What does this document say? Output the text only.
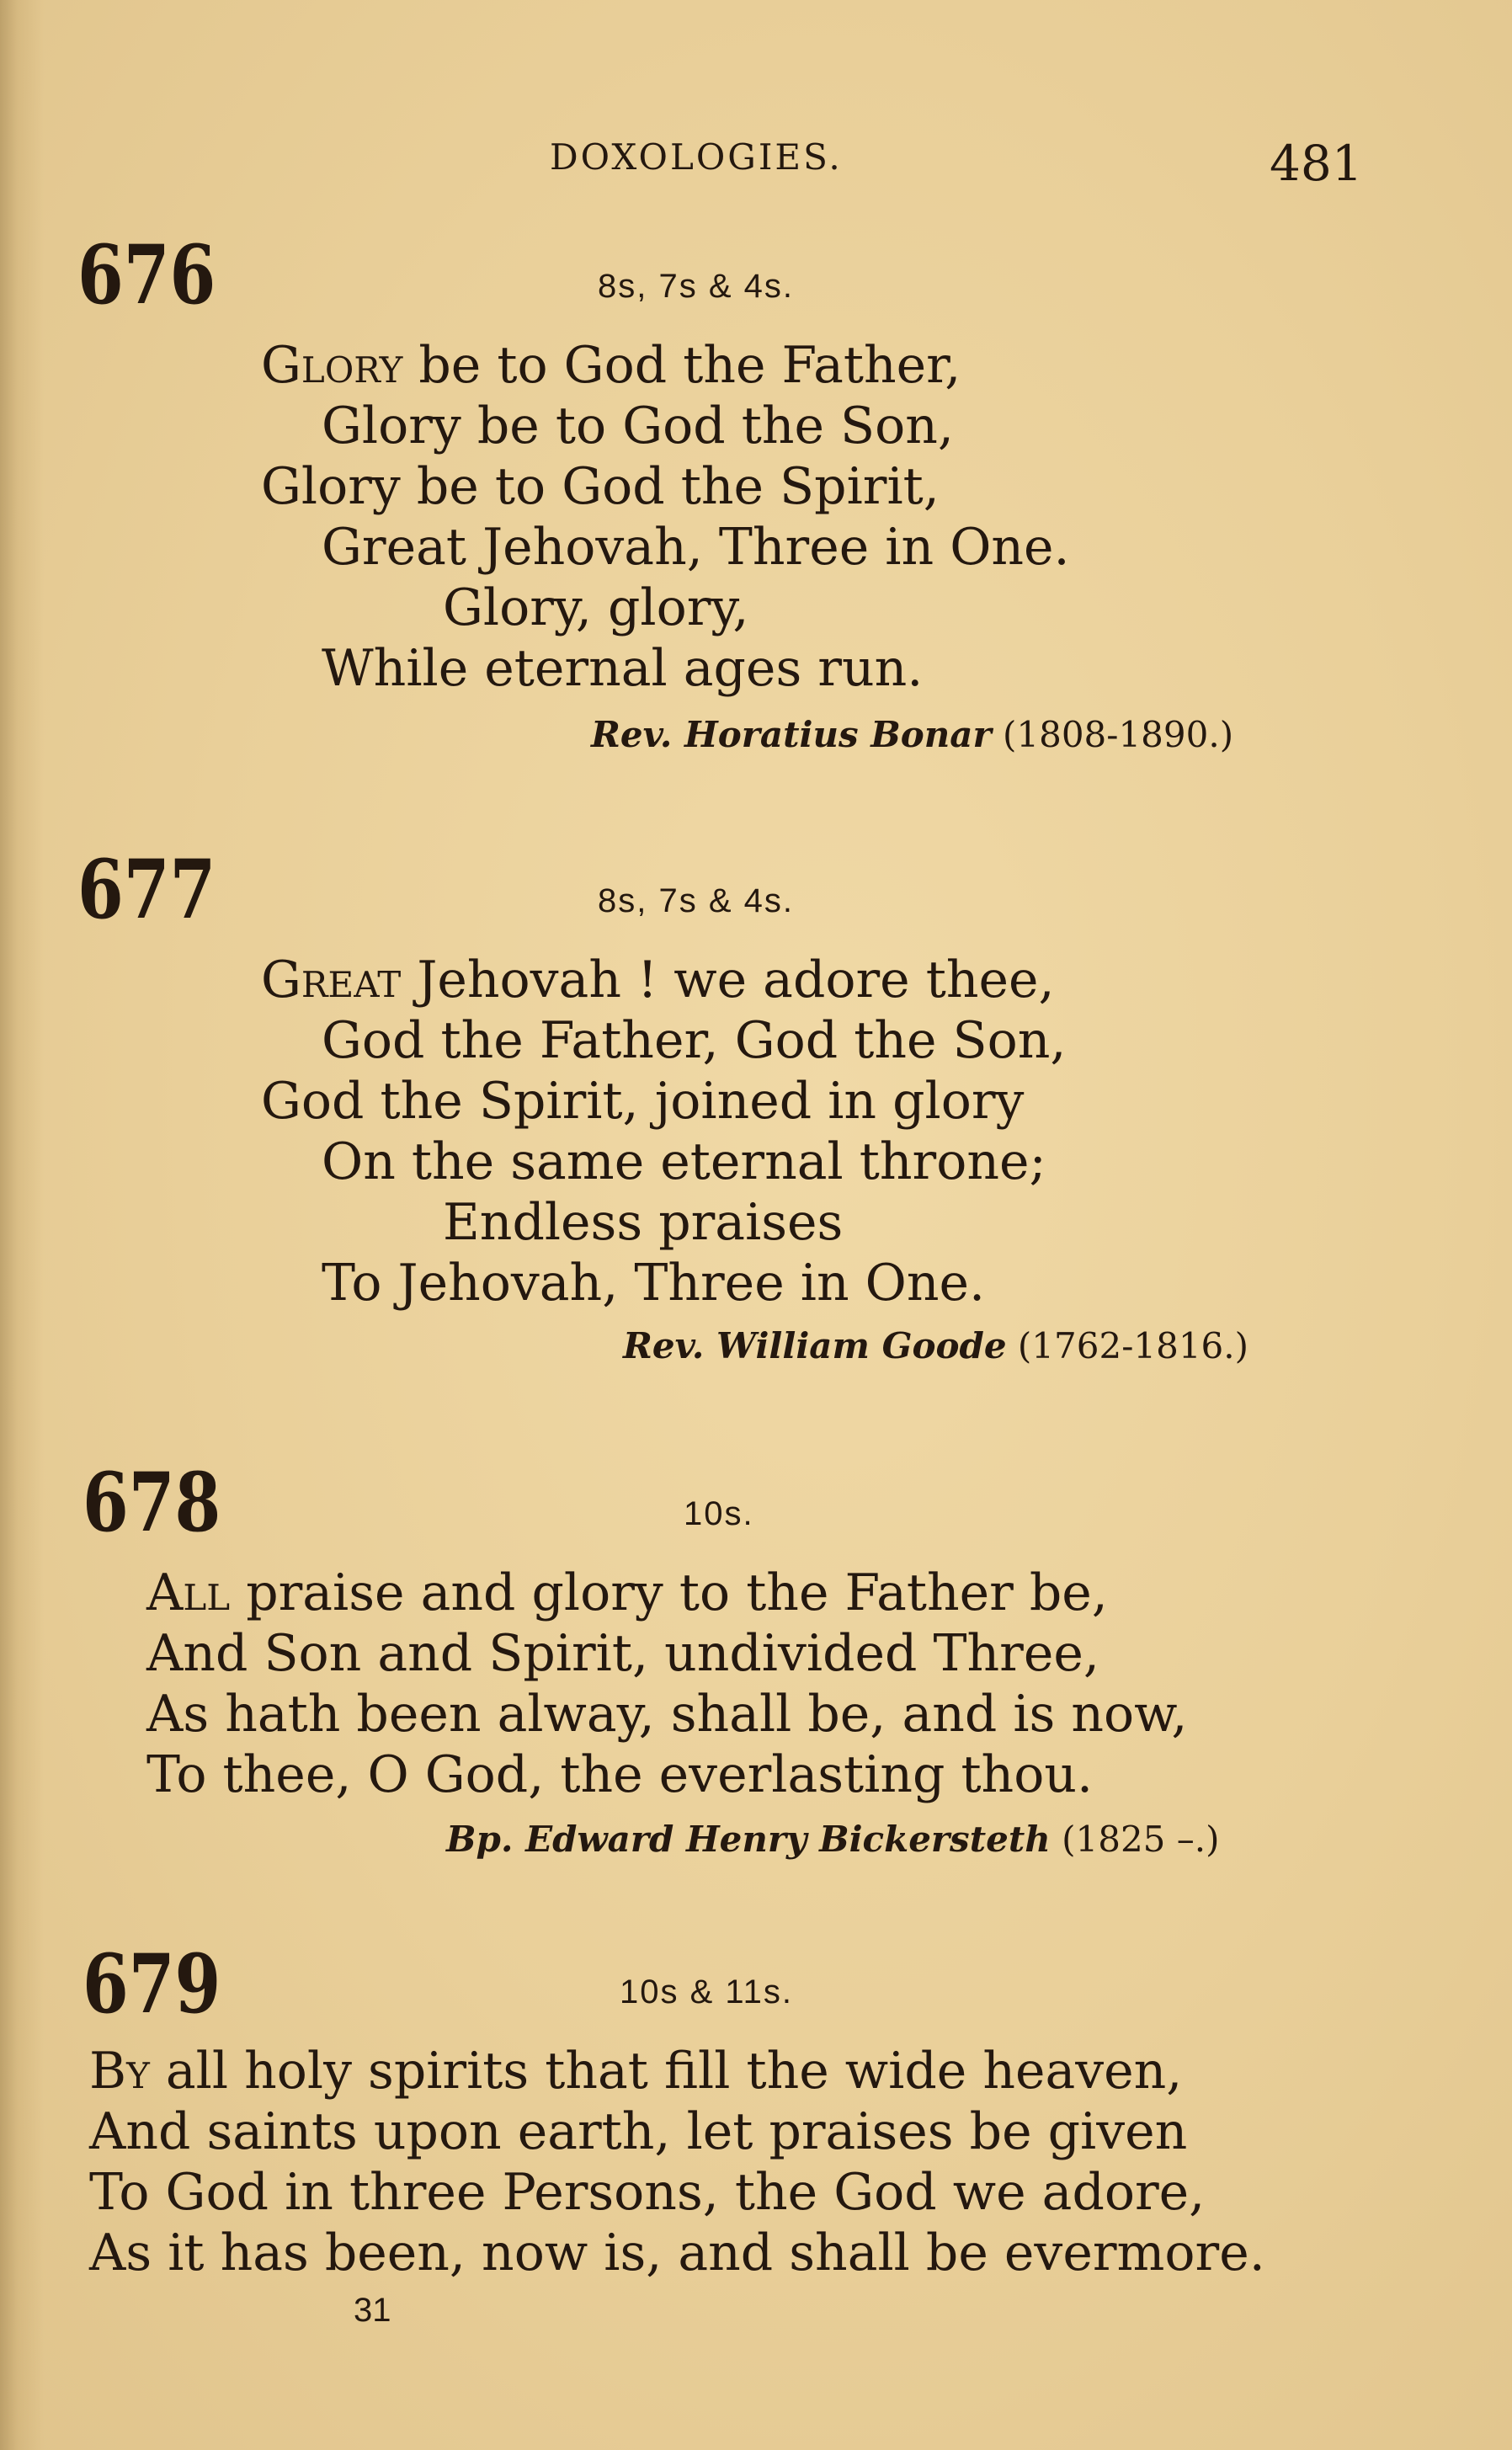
DOXOLOGIES.	481
676	8s, 7s & 4s.
Glory be to God the Father,
Glory be to God the Son,
Glory be to God the Spirit,
Great Jehovah, Three in One.
Glory, glory,
While eternal ages run.
Rev. Horatius Bonar (1808-1890.)
677	8s, 7s & 4s.
Great Jehovah ! we adore thee,
God the Father, God the Son,
God the Spirit, joined in glory
On the same eternal throne;
Endless praises
To Jehovah, Three in One.
Rev. William Goode (1762-1816.)
678	10s.
All praise and glory to the Father be,
And Son and Spirit, undivided Three,
As hath been alway, shall be, and is now,
To thee, O God, the everlasting thou.
Bp. Edward Henry Bickersteth (1825 –.)
679	10s & 11s.
By all holy spirits that fill the wide heaven,
And saints upon earth, let praises be given
To God in three Persons, the God we adore,
As it has been, now is, and shall be evermore.
31
